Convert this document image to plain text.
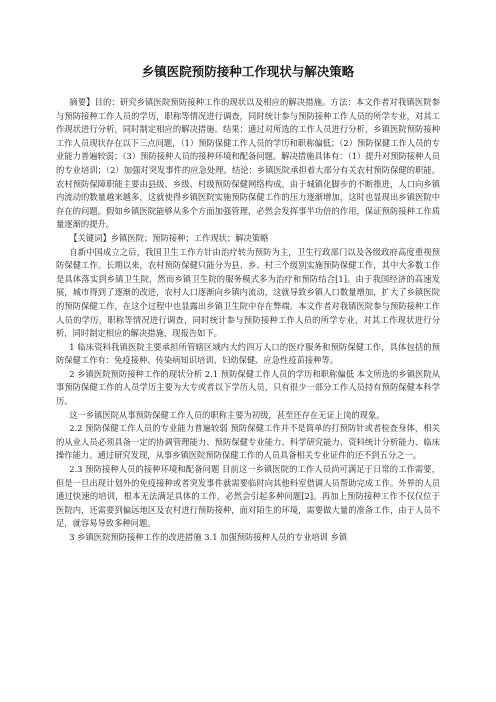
乡镇医院预防接种工作现状与解决策略

摘要】目的：研究乡镇医院预防接种工作的现状以及相应的解决措施。方法：本文作者对我镇医院参与预防接种工作人员的学历，职称等情况进行调查，同时统计参与预防接种工作人员的所学专业，对其工作现状进行分析，同时制定相应的解决措施。结果：通过对所选的工作人员进行分析，乡镇医院预防接种工作人员现状存在以下三点问题，（1）预防保健工作人员的学历和职称偏低；（2）预防保健工作人员的专业能力普遍较弱；（3）预防接种人员的接种环境和配备问题。解决措施具体有：（1）提升对预防接种人员的专业培训；（2）加强对突发事件的应急处理。结论：乡镇医院承担着大部分有关农村预防保健的职能。农村预防保障职能主要由县级、乡级、村级预防保健网络构成。由于城镇化脚步的不断推进，人口向乡镇内流动的数量越来越多，这就使得乡镇医院实施预防保健工作的压力逐渐增加，这时也显现出乡镇医院中存在的问题。假如乡镇医院能够从多个方面加强管理，必然会发挥事半功倍的作用，保证预防接种工作质量逐渐的提升。

【关键词】乡镇医院；预防接种；工作现状；解决策略

自新中国成立之后，我国卫生工作方针由治疗转为预防为主，卫生行政部门以及各级政府高度重视预防保健工作。长期以来，农村预防保健只能分为县、乡、村三个级别实施预防保健工作，其中大多数工作是具体落实到乡镇卫生院，然而乡镇卫生院的服务模式多为治疗和预防结合[1]。由于我国经济的高速发展，城市得到了逐渐的改进，农村人口逐渐向乡镇内流动，这就导致乡镇人口数量增加，扩大了乡镇医院的预防保健工作，在这个过程中也显露出乡镇卫生院中存在弊端。本文作者对我镇医院参与预防接种工作人员的学历，职称等情况进行调查，同时统计参与预防接种工作人员的所学专业，对其工作现状进行分析，同时制定相应的解决措施，现报告如下。

1 临床资料我镇医院主要承担所管辖区域内大约四万人口的医疗服务和预防保健工作，具体包括的预防保健工作有：免疫接种、传染病知识培训、妇幼保健、应急性疫苗接种等。

2 乡镇医院预防接种工作的现状分析 2.1 预防保健工作人员的学历和职称偏低 本文所选的乡镇医院从事预防保健工作的人员学历主要为大专或者以下学历人员，只有很少一部分工作人员持有预防保健本科学历。

这一乡镇医院从事预防保健工作人员的职称主要为初级，甚至还存在无证上岗的现象。

2.2 预防保健工作人员的专业能力普遍较弱 预防保健工作并不是简单的打预防针或者检查身体，相关的从业人员必须具备一定的协调管理能力、预防保健专业能力、科学研究能力、资料统计分析能力、临床操作能力。通过研究发现，从事乡镇医院预防保健工作的人员具备相关专业证件的还不到五分之一。

2.3 预防接种人员的接种环境和配备问题 目前这一乡镇医院的工作人员尚可满足于日常的工作需要，但是一旦出现计划外的免疫接种或者突发事件就需要临时向其他科室借调人员帮助完成工作。外界的人员通过快速的培训，根本无法满足具体的工作，必然会引起多种问题[2]。再加上预防接种工作不仅仅位于医院内，还需要到偏远地区及农村进行预防接种，面对陌生的环境，需要做大量的准备工作，由于人员不足，就容易导致多种问题。

3 乡镇医院预防接种工作的改进措施 3.1 加强预防接种人员的专业培训 乡镇
